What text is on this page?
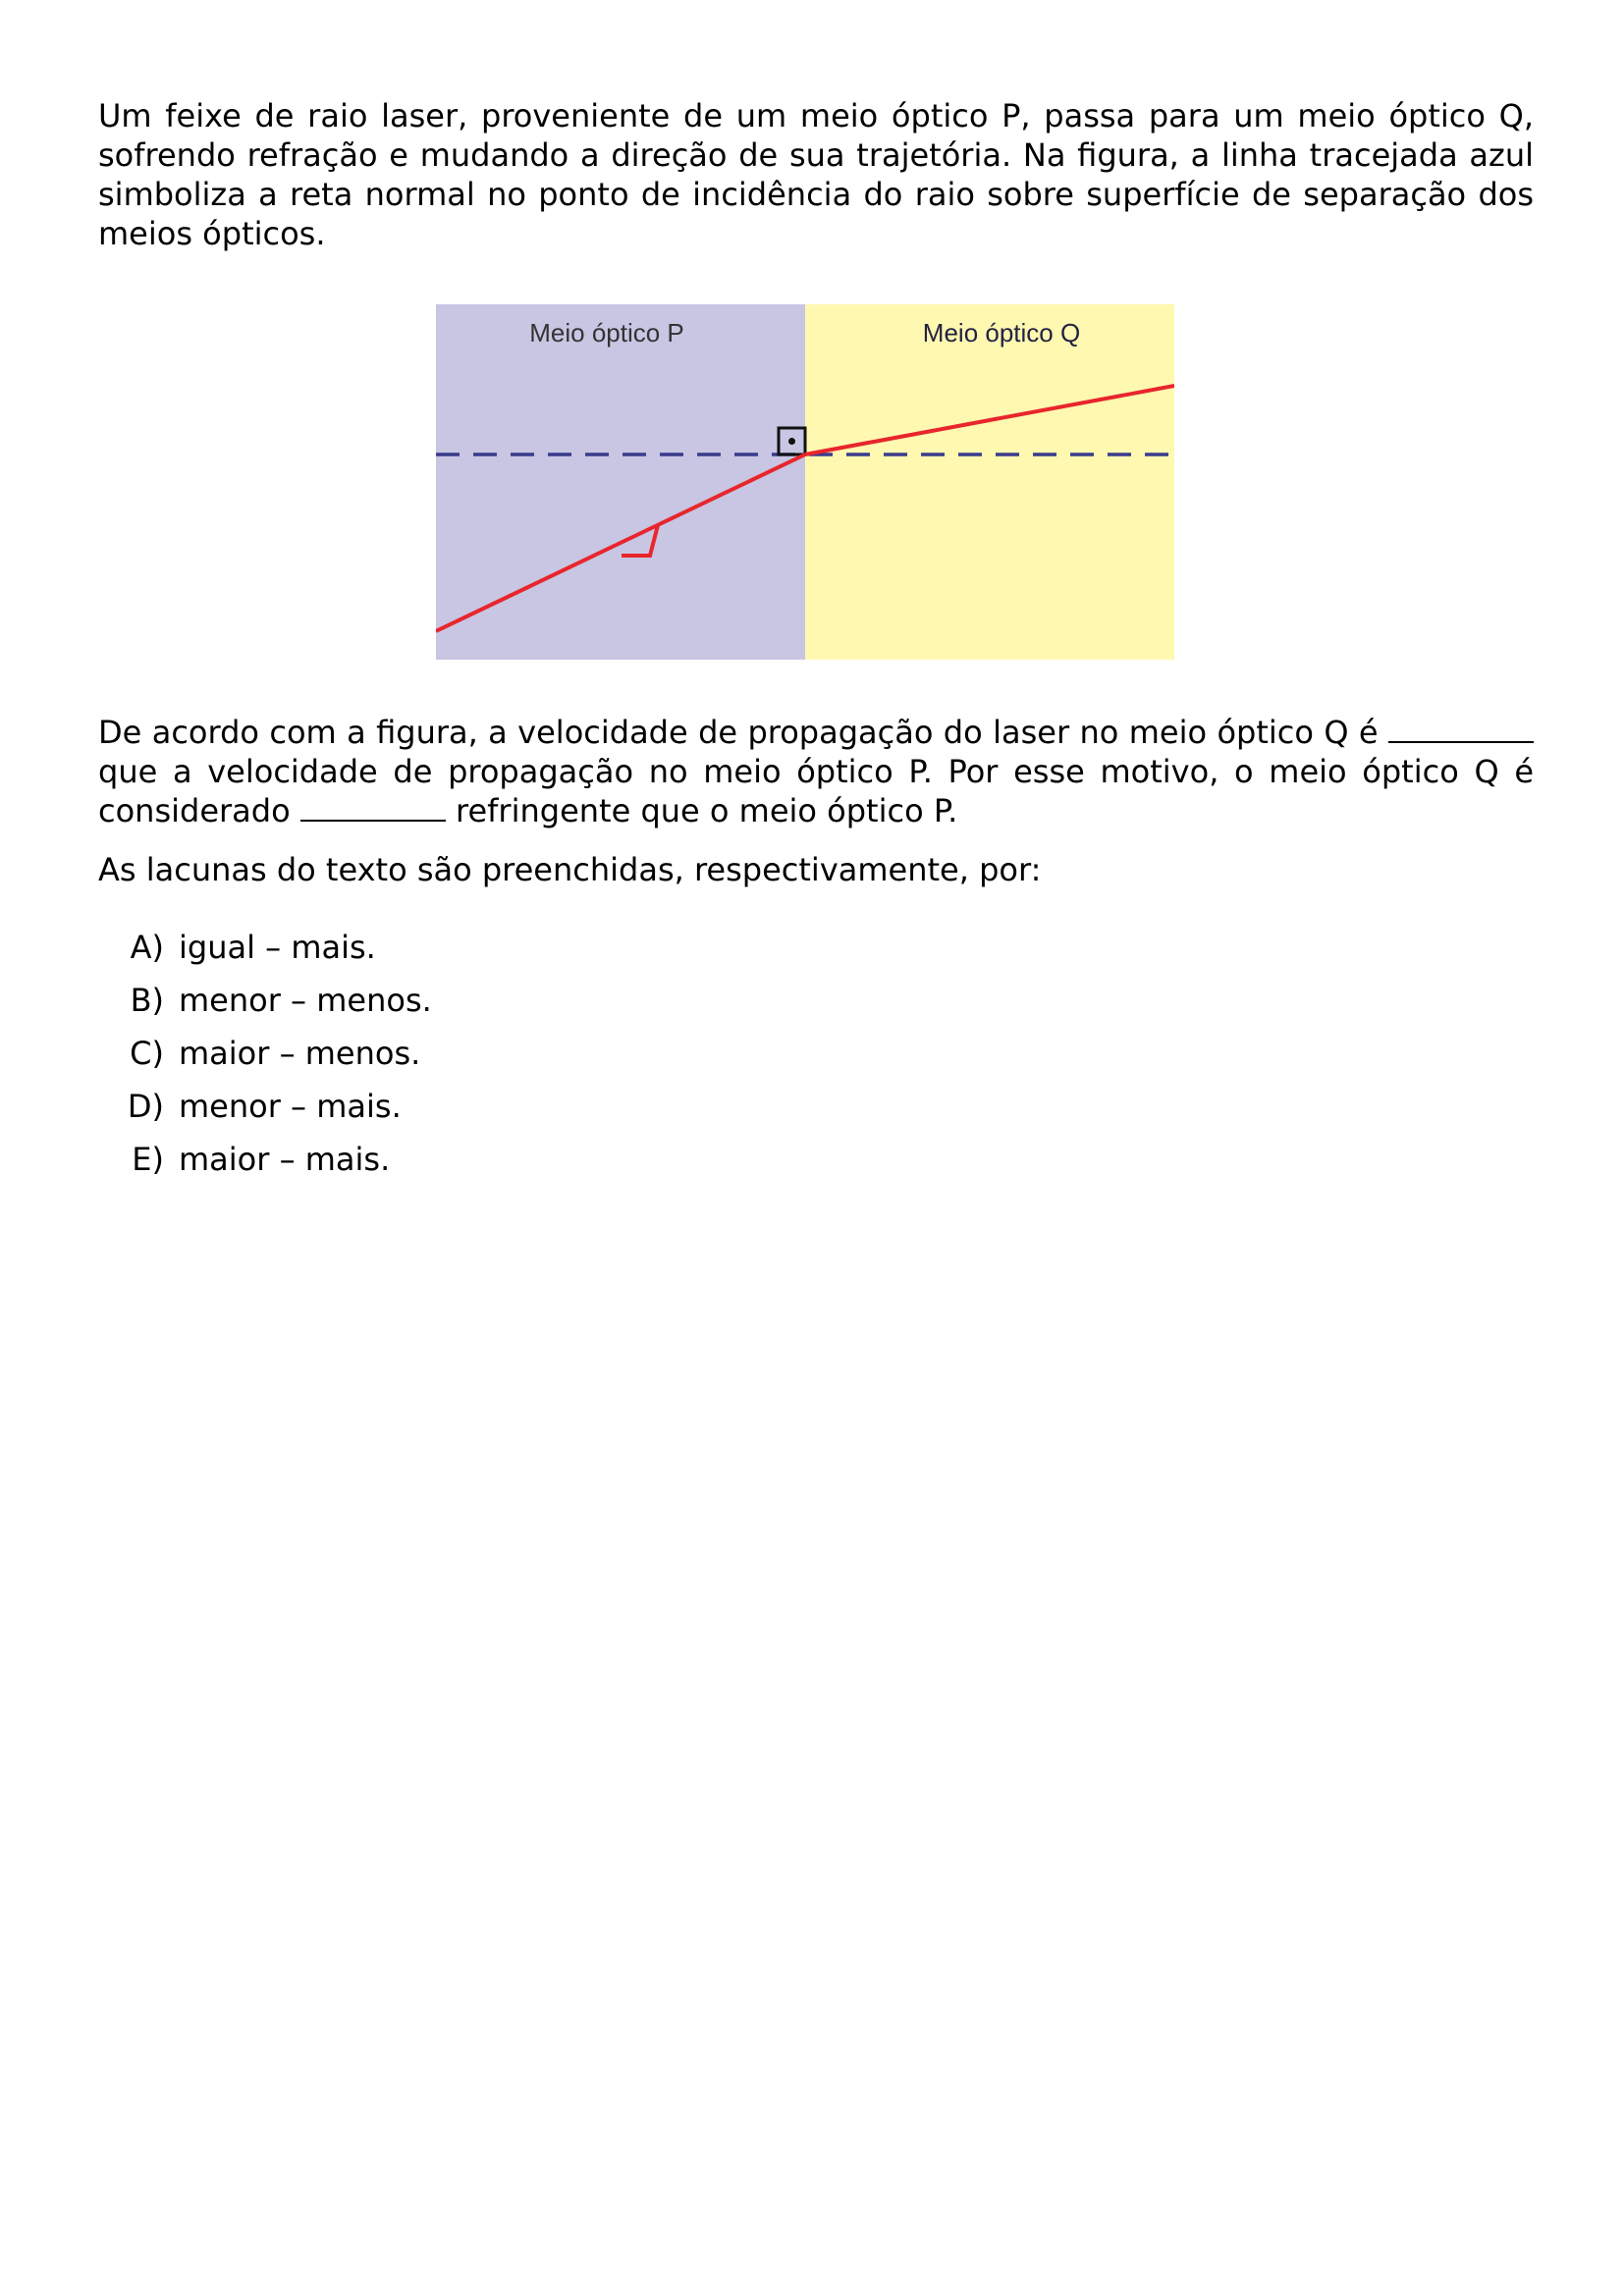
Um feixe de raio laser, proveniente de um meio óptico P, passa para um meio óptico Q, sofrendo refração e mudando a direção de sua trajetória. Na figura, a linha tracejada azul simboliza a reta normal no ponto de incidência do raio sobre superfície de separação dos meios ópticos.

Meio óptico P	Meio óptico Q

De acordo com a figura, a velocidade de propagação do laser no meio óptico Q é  que a velocidade de propagação no meio óptico P. Por esse motivo, o meio óptico Q é considerado	refringente que o meio óptico P.

As lacunas do texto são preenchidas, respectivamente, por:

A) igual – mais.
B) menor – menos.
C) maior – menos.
D) menor – mais.
E) maior – mais.
